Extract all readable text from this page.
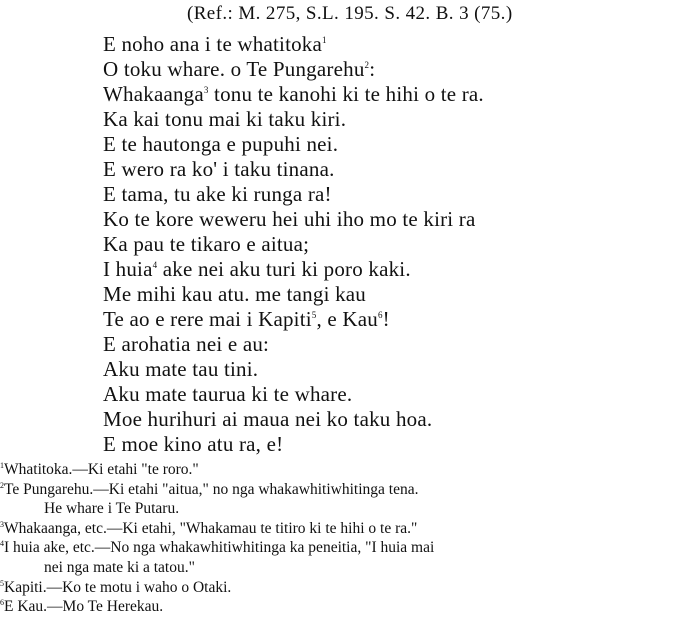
(Ref.: M. 275, S.L. 195. S. 42. B. 3 (75.)
E noho ana i te whatitoka$^1$
O toku whare. o Te Pungarehu$^2$:
Whakaanga$^3$ tonu te kanohi ki te hihi o te ra.
Ka kai tonu mai ki taku kiri.
E te hautonga e pupuhi nei.
E wero ra ko' i taku tinana.
E tama, tu ake ki runga ra!
Ko te kore weweru hei uhi iho mo te kiri ra
Ka pau te tikaro e aitua;
I huia$^4$ ake nei aku turi ki poro kaki.
Me mihi kau atu. me tangi kau
Te ao e rere mai i Kapiti$^5$, e Kau$^6$!
E arohatia nei e au:
Aku mate tau tini.
Aku mate taurua ki te whare.
Moe hurihuri ai maua nei ko taku hoa.
E moe kino atu ra, e!
$^1$Whatitoka.—Ki etahi "te roro."
$^2$Te Pungarehu.—Ki etahi "aitua," no nga whakawhitiwhitinga tena.
He whare i Te Putaru.
$^3$Whakaanga, etc.—Ki etahi, "Whakamau te titiro ki te hihi o te ra."
$^4$I huia ake, etc.—No nga whakawhitiwhitinga ka peneitia, "I huia mai
nei nga mate ki a tatou."
$^5$Kapiti.—Ko te motu i waho o Otaki.
$^6$E Kau.—Mo Te Herekau.
